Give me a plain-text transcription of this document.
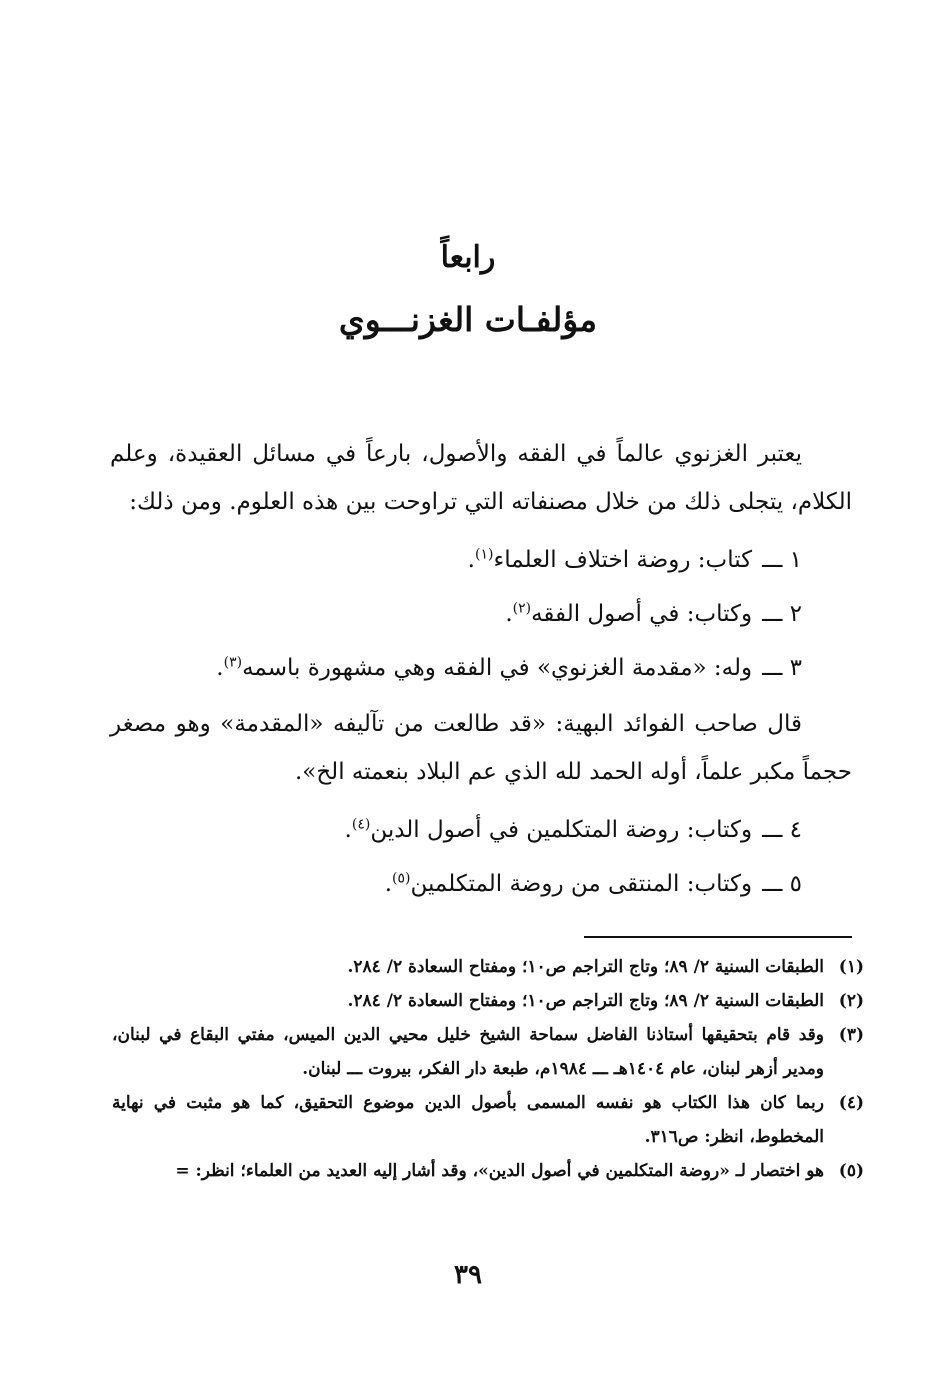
رابعاً
مؤلفـات الغزنـــوي

يعتبر الغزنوي عالماً في الفقه والأصول، بارعاً في مسائل العقيدة، وعلم الكلام، يتجلى ذلك من خلال مصنفاته التي تراوحت بين هذه العلوم. ومن ذلك:

١ ـــكتاب: روضة اختلاف العلماء$^{(١)}$.

٢ ـــوكتاب: في أصول الفقه$^{(٢)}$.

٣ ـــوله: «مقدمة الغزنوي» في الفقه وهي مشهورة باسمه$^{(٣)}$.

قال صاحب الفوائد البهية: «قد طالعت من تآليفه «المقدمة» وهو مصغر حجماً مكبر علماً، أوله الحمد لله الذي عم البلاد بنعمته الخ».

٤ ـــوكتاب: روضة المتكلمين في أصول الدين$^{(٤)}$.

٥ ـــوكتاب: المنتقى من روضة المتكلمين$^{(٥)}$.

(١)
الطبقات السنية ٢/ ٨٩؛ وتاج التراجم ص١٠؛ ومفتاح السعادة ٢/ ٢٨٤.

(٢)
الطبقات السنية ٢/ ٨٩؛ وتاج التراجم ص١٠؛ ومفتاح السعادة ٢/ ٢٨٤.

(٣)
وقد قام بتحقيقها أستاذنا الفاضل سماحة الشيخ خليل محيي الدين الميس، مفتي البقاع في لبنان، ومدير أزهر لبنان، عام ١٤٠٤هـ ـــ ١٩٨٤م، طبعة دار الفكر، بيروت ـــ لبنان.

(٤)
ربما كان هذا الكتاب هو نفسه المسمى بأصول الدين موضوع التحقيق، كما هو مثبت في نهاية المخطوط، انظر: ص٣١٦.

(٥)
هو اختصار لـ «روضة المتكلمين في أصول الدين»، وقد أشار إليه العديد من العلماء؛ انظر: =

٣٩
